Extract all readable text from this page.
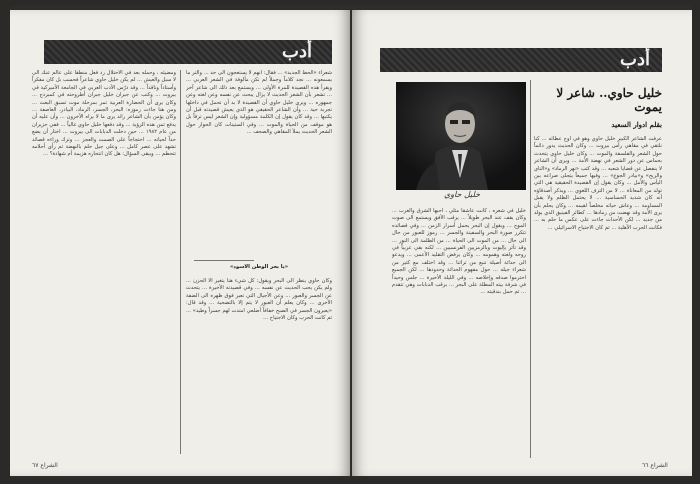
أدب

شعراء «الحظ الجديد» ... فقال: انهم لا يستعجون الى حد ... والتر ما يسمعونه ... نجد كلاماً وجملاً لم تكن مألوفة في الشعر العربي ... ويقرأ هذه القصيدة للمرة الأولى ... ويستمع بعد ذلك الى شاعر آخر ... تشعر بأن الشعر الحديث لا يزال يبحث عن نفسه وعن لغته وعن جمهوره ... ويرى خليل حاوي أن القصيدة لا بد أن تحمل في داخلها تجربة حية ... وأن الشاعر الحقيقي هو الذي يعيش قصيدته قبل أن يكتبها ... وقد كان يقول إن الكلمة مسؤولية وإن الشعر ليس ترفاً بل هو موقف من الحياة والموت ... وفي الستينات كان الحوار حول الشعر الحديث يملأ المقاهي والصحف ...

«يا بحر الوطن الاسود»

وكان حاوي ينظر الى البحر ويقول: كل شيء هنا يتغير الا الحزن ... ولم يكن يحب الحديث عن نفسه ... وفي قصيدته الأخيرة ... يتحدث عن الجسر والعبور ... وعن الأجيال التي تعبر فوق ظهره الى الضفة الأخرى ... وكان يعلم أن العبور لا يتم إلا بالتضحية ... وقد قال: «يعبرون الجسر في الصبح خفافاً أضلعي امتدت لهم جسراً وطيد» ... ثم كانت الحرب وكان الاجتياح ...

ومضيئه ، وحمله بعد في الاحتلال رد فعل منطقاً على عالم عنك الى لا سبل والعيش ... لم يكن خليل حاوي شاعراً فحسب بل كان مفكراً وأستاذاً وناقداً ... وقد درّس الأدب العربي في الجامعة الأميركية في بيروت ... وكتب عن جبران خليل جبران أطروحته في كمبردج ... وكان يرى أن الحضارة العربية تمر بمرحلة موت تسبق البعث ... ومن هنا جاءت رموزه: البحر، الجسر، الرماد، البيادر، العاصفة ... وكان يؤمن بأن الشاعر رائد يرى ما لا يراه الآخرون ... وأن عليه أن يدفع ثمن هذه الرؤية ... وقد دفعها خليل حاوي غالياً ... ففي حزيران من عام ١٩٨٢ ... حين دخلت الدبابات الى بيروت ... اختار أن يضع حداً لحياته ... احتجاجاً على الصمت والعجز ... وترك وراءه قصائد تشهد على عصر كامل ... وعلى جيل حلم بالنهضة ثم رأى أحلامه تتحطم ... ويبقى السؤال: هل كان انتحاره هزيمة أم شهادة؟ ...

الشراع ٦٧
أدب
خليل حاوي
خليل حاوي.. شاعر لا يموت
بقلم ادوار السعيد

عرفت الشاعر الكبير خليل حاوي وهو في أوج عطائه ... كنا نلتقي في مقاهي رأس بيروت ... وكان الحديث يدور دائماً حول الشعر والفلسفة والموت ... وكان خليل حاوي يتحدث بحماس عن دور الشعر في نهضة الأمة ... ويرى أن الشاعر لا ينفصل عن قضايا شعبه ... وقد كتب «نهر الرماد» و«الناي والريح» و«بيادر الجوع» ... وفيها جميعاً يتجلى صراعه بين اليأس والأمل ... وكان يقول إن القصيدة الحقيقية هي التي تولد من المعاناة ... لا من الترف اللغوي ... ويذكر أصدقاؤه أنه كان شديد الحساسية ... لا يحتمل الظلم ولا يقبل المساومة ... وعاش حياته مخلصاً لقيمه ... وكان يحلم بأن يرى الأمة وقد نهضت من رمادها ... كطائر الفينيق الذي يولد من جديد ... لكن الأحداث جاءت على عكس ما حلم به ... فكانت الحرب الأهلية ... ثم كان الاجتياح الاسرائيلي ...

خليل في شعره ، كانت عاشقاً مثلي ، أحبها الشرق والغرب ... وكان يقف عند البحر طويلاً ... يرقب الأفق ويستمع الى صوت الموج ... ويقول إن البحر يحمل أسرار الزمن ... وفي قصائده تتكرر صورة البحر والسفينة والجسر ... رموز للعبور من حال الى حال ... من الموت الى الحياة ... من الظلمة الى النور ... وقد تأثر بإليوت وبالرمزيين الفرنسيين ... لكنه بقي عربياً في روحه ولغته وهمومه ... وكان يرفض التقليد الأعمى ... ويدعو الى حداثة أصيلة تنبع من تراثنا ... وقد اختلف مع كثير من شعراء جيله ... حول مفهوم الحداثة وحدودها ... لكن الجميع احترموا صدقه وإخلاصه ... وفي الليلة الأخيرة ... جلس وحيداً في شرفة بيته المطلة على البحر ... يرقب الدبابات وهي تتقدم ... ثم حمل بندقيته ...

الشراع ٦٦
